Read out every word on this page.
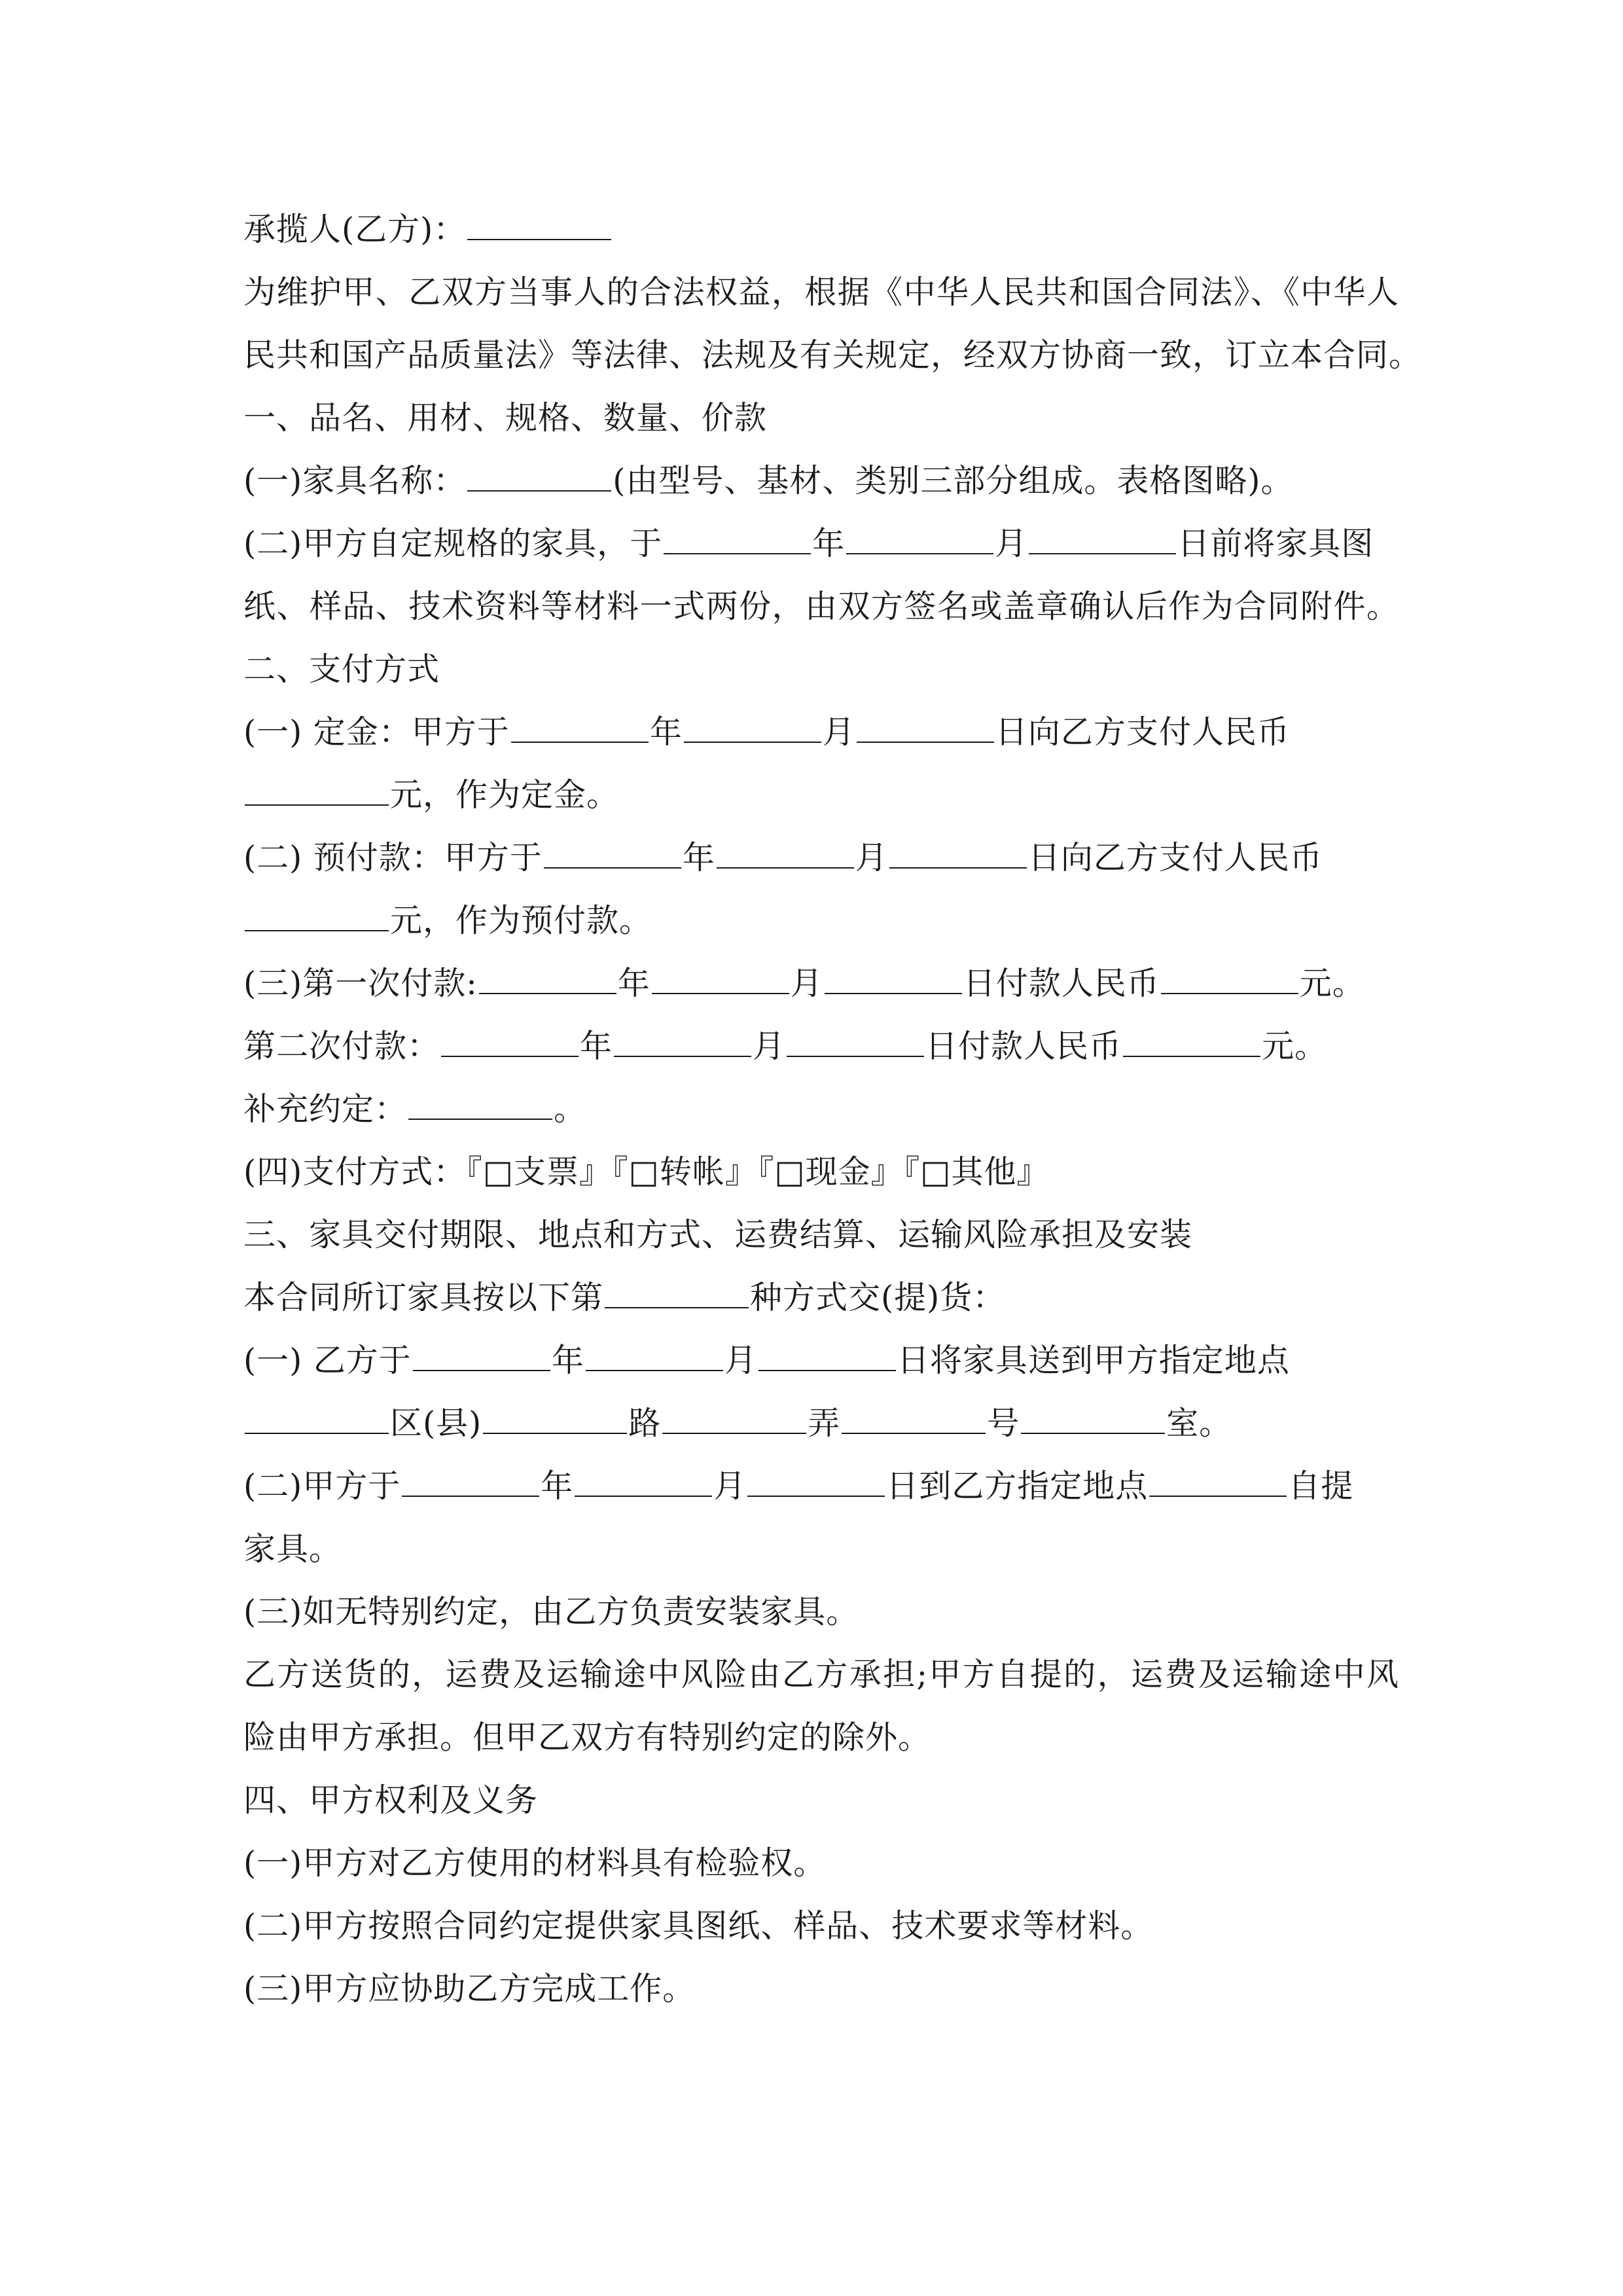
承揽人(乙方)：
为维护甲、乙双方当事人的合法权益，根据《中华人民共和国合同法》、《中华人
民共和国产品质量法》等法律、法规及有关规定，经双方协商一致，订立本合同。
一、品名、用材、规格、数量、价款
(一)家具名称：	(由型号、基材、类别三部分组成。表格图略)。
(二)甲方自定规格的家具，于	年	月	日前将家具图
纸、样品、技术资料等材料一式两份，由双方签名或盖章确认后作为合同附件。
二、支付方式
(一) 定金：甲方于	年	月	日向乙方支付人民币
元，作为定金。
(二) 预付款：甲方于	年	月	日向乙方支付人民币
元，作为预付款。
(三)第一次付款:	年	月	日付款人民币	元。
第二次付款：	年	月	日付款人民币	元。
补充约定：	。
(四)支付方式：『□支票』『□转帐』『□现金』『□其他』
三、家具交付期限、地点和方式、运费结算、运输风险承担及安装
本合同所订家具按以下第	种方式交(提)货：
(一) 乙方于	年	月	日将家具送到甲方指定地点
区(县)	路	弄	号	室。
(二)甲方于	年	月	日到乙方指定地点	自提
家具。
(三)如无特别约定，由乙方负责安装家具。
乙方送货的，运费及运输途中风险由乙方承担;甲方自提的，运费及运输途中风
险由甲方承担。但甲乙双方有特别约定的除外。
四、甲方权利及义务
(一)甲方对乙方使用的材料具有检验权。
(二)甲方按照合同约定提供家具图纸、样品、技术要求等材料。
(三)甲方应协助乙方完成工作。
